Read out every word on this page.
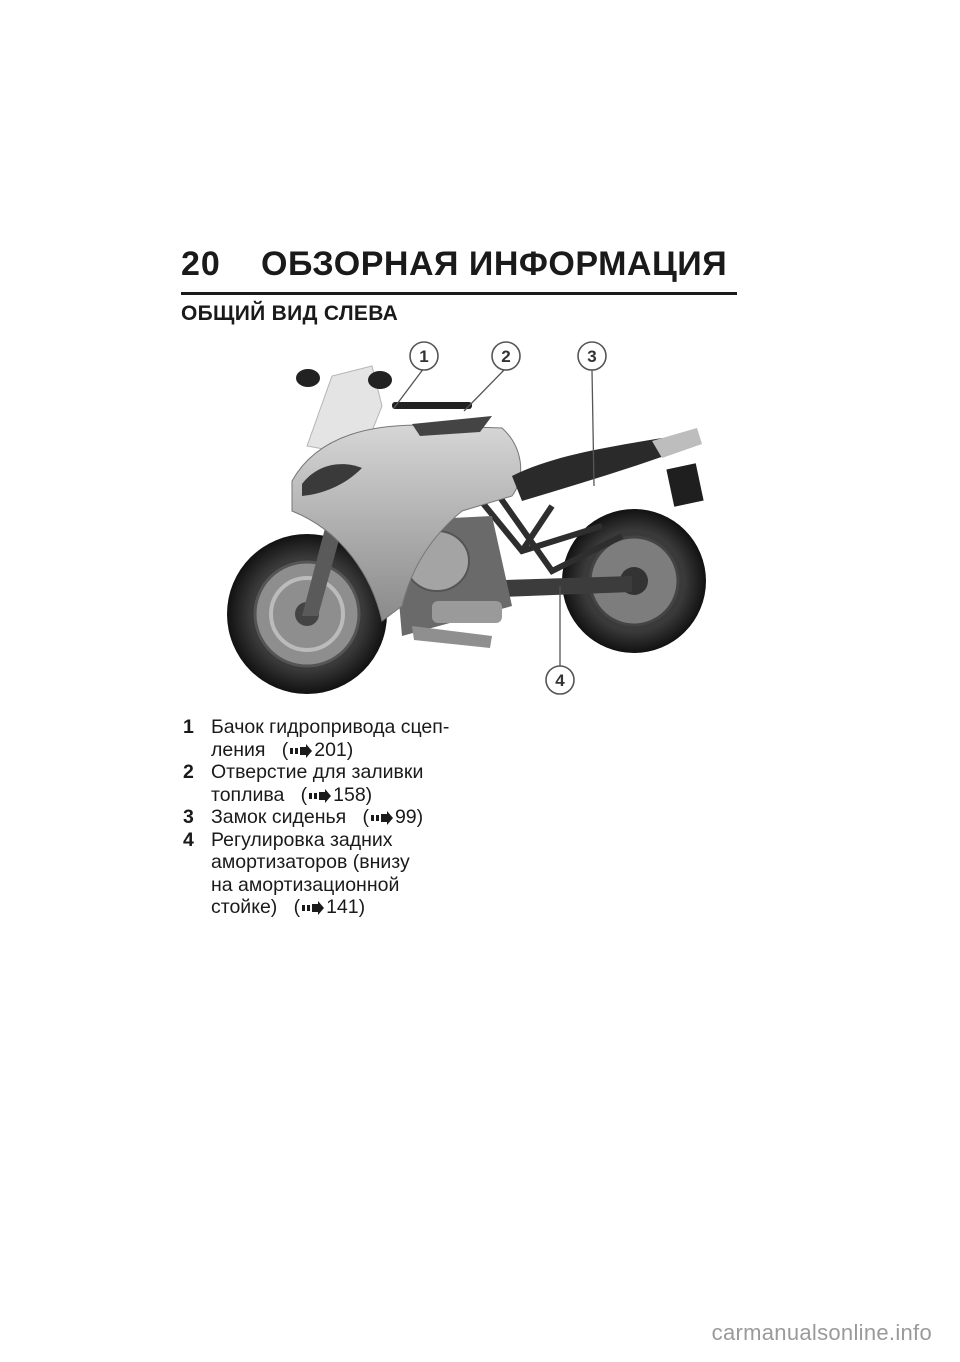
20 ОБЗОРНАЯ ИНФОРМАЦИЯ
ОБЩИЙ ВИД СЛЕВА
1	2	3
4

1 Бачок гидропривода сцеп-
ления ( 201)

2 Отверстие для заливки
топлива ( 158)

3 Замок сиденья ( 99)

4 Регулировка задних
амортизаторов (внизу
на амортизационной
стойке) ( 141)

carmanualsonline.info
